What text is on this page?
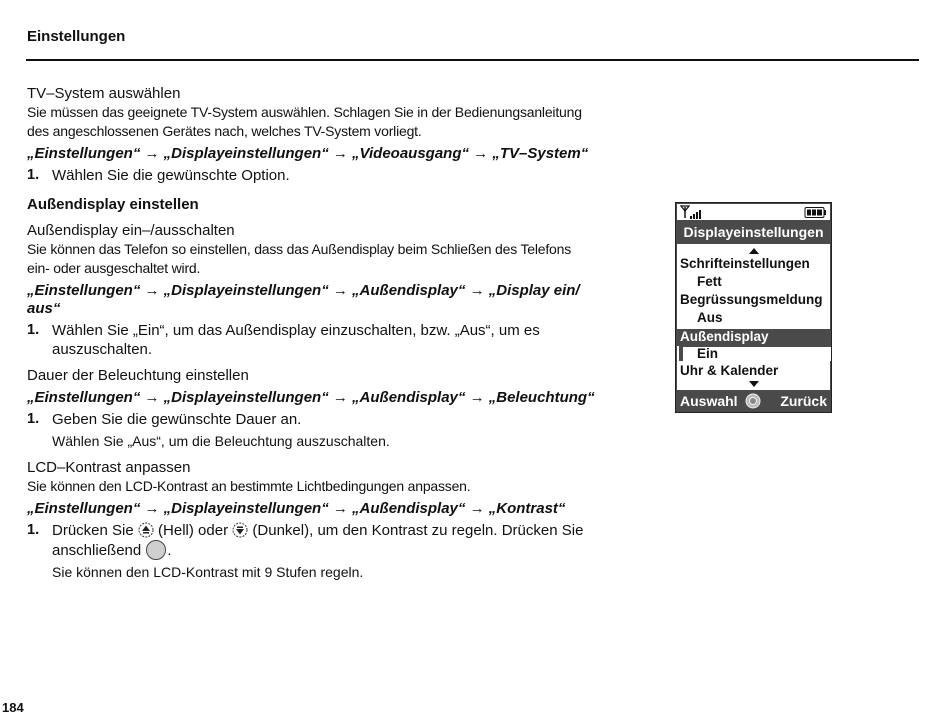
Einstellungen
TV–System auswählen
Sie müssen das geeignete TV-System auswählen. Schlagen Sie in der Bedienungsanleitung
des angeschlossenen Gerätes nach, welches TV-System vorliegt.
„Einstellungen“ → „Displayeinstellungen“ → „Videoausgang“ → „TV–System“
1. Wählen Sie die gewünschte Option.
Außendisplay einstellen
Außendisplay ein–/ausschalten
Sie können das Telefon so einstellen, dass das Außendisplay beim Schließen des Telefons
ein- oder ausgeschaltet wird.
„Einstellungen“ → „Displayeinstellungen“ → „Außendisplay“ → „Display ein/
aus“
1. Wählen Sie „Ein“, um das Außendisplay einzuschalten, bzw. „Aus“, um es
auszuschalten.
Dauer der Beleuchtung einstellen
„Einstellungen“ → „Displayeinstellungen“ → „Außendisplay“ → „Beleuchtung“
1. Geben Sie die gewünschte Dauer an.
Wählen Sie „Aus“, um die Beleuchtung auszuschalten.
LCD–Kontrast anpassen
Sie können den LCD-Kontrast an bestimmte Lichtbedingungen anpassen.
„Einstellungen“ → „Displayeinstellungen“ → „Außendisplay“ → „Kontrast“
1. Drücken Sie (Hell) oder (Dunkel), um den Kontrast zu regeln. Drücken Sie
anschließend .
Sie können den LCD-Kontrast mit 9 Stufen regeln.
Displayeinstellungen
Schrifteinstellungen
Fett
Begrüssungsmeldung
Aus
Außendisplay
Ein
Uhr & Kalender
Auswahl	Zurück
184
